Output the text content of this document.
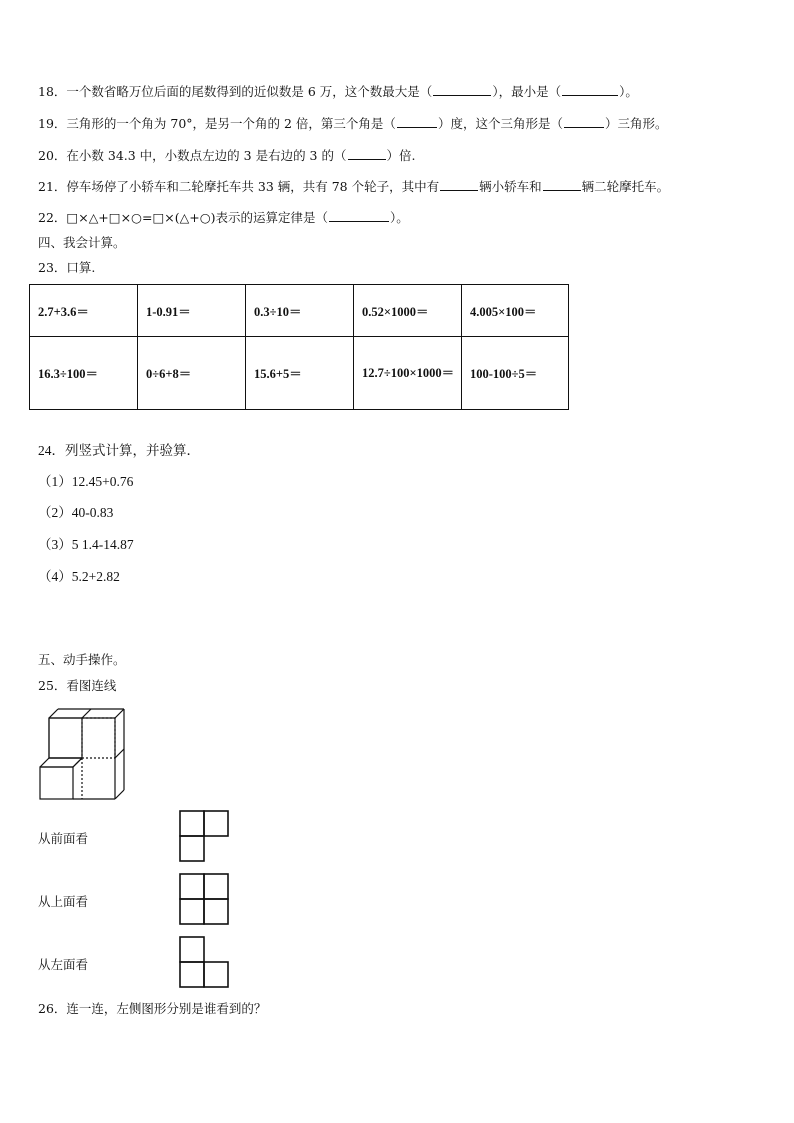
18．一个数省略万位后面的尾数得到的近似数是 6 万，这个数最大是（	），最小是（	）。
19．三角形的一个角为 70°，是另一个角的 2 倍，第三个角是（	）度，这个三角形是（	）三角形。
20．在小数 34.3 中，小数点左边的 3 是右边的 3 的（	）倍.
21．停车场停了小轿车和二轮摩托车共 33 辆，共有 78 个轮子，其中有	辆小轿车和	辆二轮摩托车。
22．□×△+□×○=□×(△+○)表示的运算定律是（	）。
四、我会计算。
23．口算.
2.7+3.6＝	1-0.91＝	0.3÷10＝	0.52×1000＝	4.005×100＝
16.3÷100＝	0÷6+8＝	15.6+5＝	12.7÷100×1000＝	100-100÷5＝
24．列竖式计算，并验算．
（1）12.45+0.76
（2）40-0.83
（3）5 1.4-14.87
（4）5.2+2.82
五、动手操作。
25．看图连线
从前面看
从上面看
从左面看
26．连一连，左侧图形分别是谁看到的？
